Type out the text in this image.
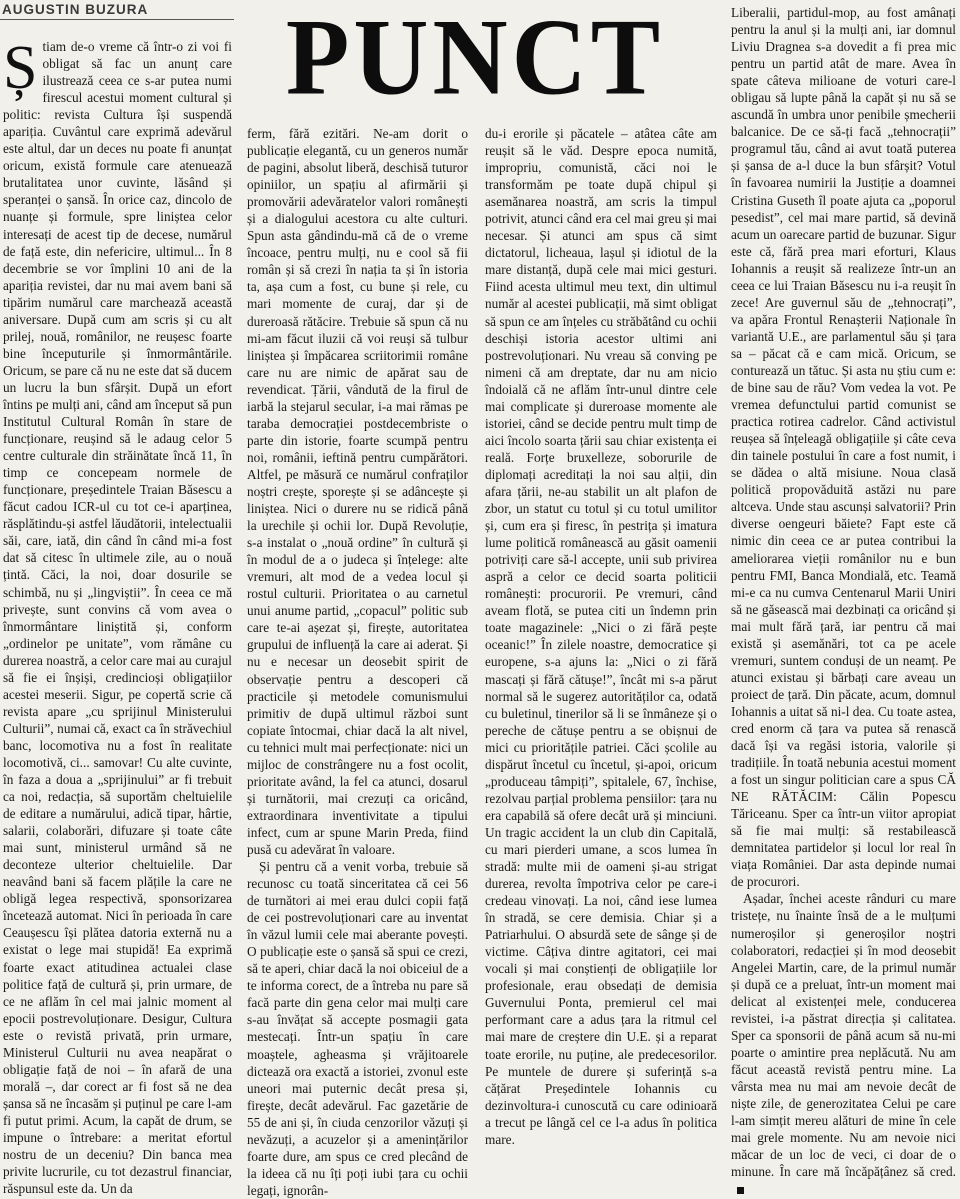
AUGUSTIN BUZURA	PUNCT

Știam de-o vreme că într-o zi voi fi obligat să fac un anunț care ilustrează ceea ce s-ar putea numi firescul acestui moment cultural și politic: revista Cultura își suspendă apariția. Cuvântul care exprimă adevărul este altul, dar un deces nu poate fi anunțat oricum, există formule care atenuează brutalitatea unor cuvinte, lăsând și speranței o șansă. În orice caz, dincolo de nuanțe și formule, spre liniștea celor interesați de acest tip de decese, numărul de față este, din nefericire, ultimul... În 8 decembrie se vor împlini 10 ani de la apariția revistei, dar nu mai avem bani să tipărim numărul care marchează această aniversare. După cum am scris și cu alt prilej, nouă, românilor, ne reușesc foarte bine începuturile și înmormântările. Oricum, se pare că nu ne este dat să ducem un lucru la bun sfârșit. După un efort întins pe mulți ani, când am început să pun Institutul Cultural Român în stare de funcționare, reușind să le adaug celor 5 centre culturale din străinătate încă 11, în timp ce concepeam normele de funcționare, președintele Traian Băsescu a făcut cadou ICR-ul cu tot ce-i aparținea, răsplătindu-și astfel lăudătorii, intelectualii săi, care, iată, din când în când mi-a fost dat să citesc în ultimele zile, au o nouă țintă. Căci, la noi, doar dosurile se schimbă, nu și „lingviștii”. În ceea ce mă privește, sunt convins că vom avea o înmormântare liniștită și, conform „ordinelor pe unitate”, vom rămâne cu durerea noastră, a celor care mai au curajul să fie ei înșiși, credincioși obligațiilor acestei meserii. Sigur, pe copertă scrie că revista apare „cu sprijinul Ministerului Culturii”, numai că, exact ca în străvechiul banc, locomotiva nu a fost în realitate locomotivă, ci... samovar! Cu alte cuvinte, în faza a doua a „sprijinului” ar fi trebuit ca noi, redacția, să suportăm cheltuielile de editare a numărului, adică tipar, hârtie, salarii, colaborări, difuzare și toate câte mai sunt, ministerul urmând să ne deconteze ulterior cheltuielile. Dar neavând bani să facem plățile la care ne obligă legea respectivă, sponsorizarea încetează automat. Nici în perioada în care Ceaușescu își plătea datoria externă nu a existat o lege mai stupidă! Ea exprimă foarte exact atitudinea actualei clase politice față de cultură și, prin urmare, de ce ne aflăm în cel mai jalnic moment al epocii postrevoluționare. Desigur, Cultura este o revistă privată, prin urmare, Ministerul Culturii nu avea neapărat o obligație față de noi – în afară de una morală –, dar corect ar fi fost să ne dea șansa să ne încasăm și puținul pe care l-am fi putut primi. Acum, la capăt de drum, se impune o întrebare: a meritat efortul nostru de un deceniu? Din banca mea privite lucrurile, cu tot dezastrul financiar, răspunsul este da. Un da

ferm, fără ezitări. Ne-am dorit o publicație elegantă, cu un generos număr de pagini, absolut liberă, deschisă tuturor opiniilor, un spațiu al afirmării și promovării adevăratelor valori românești și a dialogului acestora cu alte culturi. Spun asta gândindu-mă că de o vreme încoace, pentru mulți, nu e cool să fii român și să crezi în nația ta și în istoria ta, așa cum a fost, cu bune și rele, cu mari momente de curaj, dar și de dureroasă rătăcire. Trebuie să spun că nu mi-am făcut iluzii că voi reuși să tulbur liniștea și împăcarea scriitorimii române care nu are nimic de apărat sau de revendicat. Țării, vândută de la firul de iarbă la stejarul secular, i-a mai rămas pe taraba democrației postdecembriste o parte din istorie, foarte scumpă pentru noi, românii, ieftină pentru cumpărători. Altfel, pe măsură ce numărul confraților noștri crește, sporește și se adâncește și liniștea. Nici o durere nu se ridică până la urechile și ochii lor. După Revoluție, s-a instalat o „nouă ordine” în cultură și în modul de a o judeca și înțelege: alte vremuri, alt mod de a vedea locul și rostul culturii. Prioritatea o au carnetul unui anume partid, „copacul” politic sub care te-ai așezat și, firește, autoritatea grupului de influență la care ai aderat. Și nu e necesar un deosebit spirit de observație pentru a descoperi că practicile și metodele comunismului primitiv de după ultimul război sunt copiate întocmai, chiar dacă la alt nivel, cu tehnici mult mai perfecționate: nici un mijloc de constrângere nu a fost ocolit, prioritate având, la fel ca atunci, dosarul și turnătorii, mai crezuți ca oricând, extraordinara inventivitate a tipului infect, cum ar spune Marin Preda, fiind pusă cu adevărat în valoare.

Și pentru că a venit vorba, trebuie să recunosc cu toată sinceritatea că cei 56 de turnători ai mei erau dulci copii față de cei postrevoluționari care au inventat în văzul lumii cele mai aberante povești. O publicație este o șansă să spui ce crezi, să te aperi, chiar dacă la noi obiceiul de a te informa corect, de a întreba nu pare să facă parte din gena celor mai mulți care s-au învățat să accepte posmagii gata mestecați. Într-un spațiu în care moaștele, agheasma și vrăjitoarele dictează ora exactă a istoriei, zvonul este uneori mai puternic decât presa și, firește, decât adevărul. Fac gazetărie de 55 de ani și, în ciuda cenzorilor văzuți și nevăzuți, a acuzelor și a amenințărilor foarte dure, am spus ce cred plecând de la ideea că nu îți poți iubi țara cu ochii legați, ignorân-

du-i erorile și păcatele – atâtea câte am reușit să le văd. Despre epoca numită, impropriu, comunistă, căci noi le transformăm pe toate după chipul și asemănarea noastră, am scris la timpul potrivit, atunci când era cel mai greu și mai necesar. Și atunci am spus că simt dictatorul, licheaua, lașul și idiotul de la mare distanță, după cele mai mici gesturi. Fiind acesta ultimul meu text, din ultimul număr al acestei publicații, mă simt obligat să spun ce am înțeles cu străbătând cu ochii deschiși istoria acestor ultimi ani postrevoluționari. Nu vreau să conving pe nimeni că am dreptate, dar nu am nicio îndoială că ne aflăm într-unul dintre cele mai complicate și dureroase momente ale istoriei, când se decide pentru mult timp de aici încolo soarta țării sau chiar existența ei reală. Forțe bruxelleze, soborurile de diplomați acreditați la noi sau alții, din afara țării, ne-au stabilit un alt plafon de zbor, un statut cu totul și cu totul umilitor și, cum era și firesc, în pestrița și imatura lume politică românească au găsit oamenii potriviți care să-l accepte, unii sub privirea aspră a celor ce decid soarta politicii românești: procurorii. Pe vremuri, când aveam flotă, se putea citi un îndemn prin toate magazinele: „Nici o zi fără pește oceanic!” În zilele noastre, democratice și europene, s-a ajuns la: „Nici o zi fără mascați și fără cătușe!”, încât mi s-a părut normal să le sugerez autorităților ca, odată cu buletinul, tinerilor să li se înmâneze și o pereche de cătușe pentru a se obișnui de mici cu prioritățile patriei. Căci școlile au dispărut încetul cu încetul, și-apoi, oricum „produceau tâmpiți”, spitalele, 67, închise, rezolvau parțial problema pensiilor: țara nu era capabilă să ofere decât ură și minciuni. Un tragic accident la un club din Capitală, cu mari pierderi umane, a scos lumea în stradă: multe mii de oameni și-au strigat durerea, revolta împotriva celor pe care-i credeau vinovați. La noi, când iese lumea în stradă, se cere demisia. Chiar și a Patriarhului. O absurdă sete de sânge și de victime. Câțiva dintre agitatori, cei mai vocali și mai conștienți de obligațiile lor profesionale, erau obsedați de demisia Guvernului Ponta, premierul cel mai performant care a adus țara la ritmul cel mai mare de creștere din U.E. și a reparat toate erorile, nu puține, ale predecesorilor. Pe muntele de durere și suferință s-a cățărat Președintele Iohannis cu dezinvoltura-i cunoscută cu care odinioară a trecut pe lângă cel ce l-a adus în politica mare.

Liberalii, partidul-mop, au fost amânați pentru la anul și la mulți ani, iar domnul Liviu Dragnea s-a dovedit a fi prea mic pentru un partid atât de mare. Avea în spate câteva milioane de voturi care-l obligau să lupte până la capăt și nu să se ascundă în umbra unor penibile șmecherii balcanice. De ce să-ți facă „tehnocrații” programul tău, când ai avut toată puterea și șansa de a-l duce la bun sfârșit? Votul în favoarea numirii la Justiție a doamnei Cristina Guseth îl poate ajuta ca „poporul pesedist”, cel mai mare partid, să devină acum un oarecare partid de buzunar. Sigur este că, fără prea mari eforturi, Klaus Iohannis a reușit să realizeze într-un an ceea ce lui Traian Băsescu nu i-a reușit în zece! Are guvernul său de „tehnocrați”, va apăra Frontul Renașterii Naționale în variantă U.E., are parlamentul său și țara sa – păcat că e cam mică. Oricum, se conturează un tătuc. Și asta nu știu cum e: de bine sau de rău? Vom vedea la vot. Pe vremea defunctului partid comunist se practica rotirea cadrelor. Când activistul reușea să înțeleagă obligațiile și câte ceva din tainele postului în care a fost numit, i se dădea o altă misiune. Noua clasă politică propovăduită astăzi nu pare altceva. Unde stau ascunși salvatorii? Prin diverse oengeuri băiete? Fapt este că nimic din ceea ce ar putea contribui la ameliorarea vieții românilor nu e bun pentru FMI, Banca Mondială, etc. Teamă mi-e ca nu cumva Centenarul Marii Uniri să ne găsească mai dezbinați ca oricând și mai mult fără țară, iar pentru că mai există și asemănări, tot ca pe acele vremuri, suntem conduși de un neamț. Pe atunci existau și bărbați care aveau un proiect de țară. Din păcate, acum, domnul Iohannis a uitat să ni-l dea. Cu toate astea, cred enorm că țara va putea să renască dacă își va regăsi istoria, valorile și tradițiile. În toată nebunia acestui moment a fost un singur politician care a spus CĂ NE RĂTĂCIM: Călin Popescu Tăriceanu. Sper ca într-un viitor apropiat să fie mai mulți: să restabilească demnitatea partidelor și locul lor real în viața României. Dar asta depinde numai de procurori.

Așadar, închei aceste rânduri cu mare tristețe, nu înainte însă de a le mulțumi numeroșilor și generoșilor noștri colaboratori, redacției și în mod deosebit Angelei Martin, care, de la primul număr și după ce a preluat, într-un moment mai delicat al existenței mele, conducerea revistei, i-a păstrat direcția și calitatea. Sper ca sponsorii de până acum să nu-mi poarte o amintire prea neplăcută. Nu am făcut această revistă pentru mine. La vârsta mea nu mai am nevoie decât de niște zile, de generozitatea Celui pe care l-am simțit mereu alături de mine în cele mai grele momente. Nu am nevoie nici măcar de un loc de veci, ci doar de o minune. În care mă încăpățânez să cred.
